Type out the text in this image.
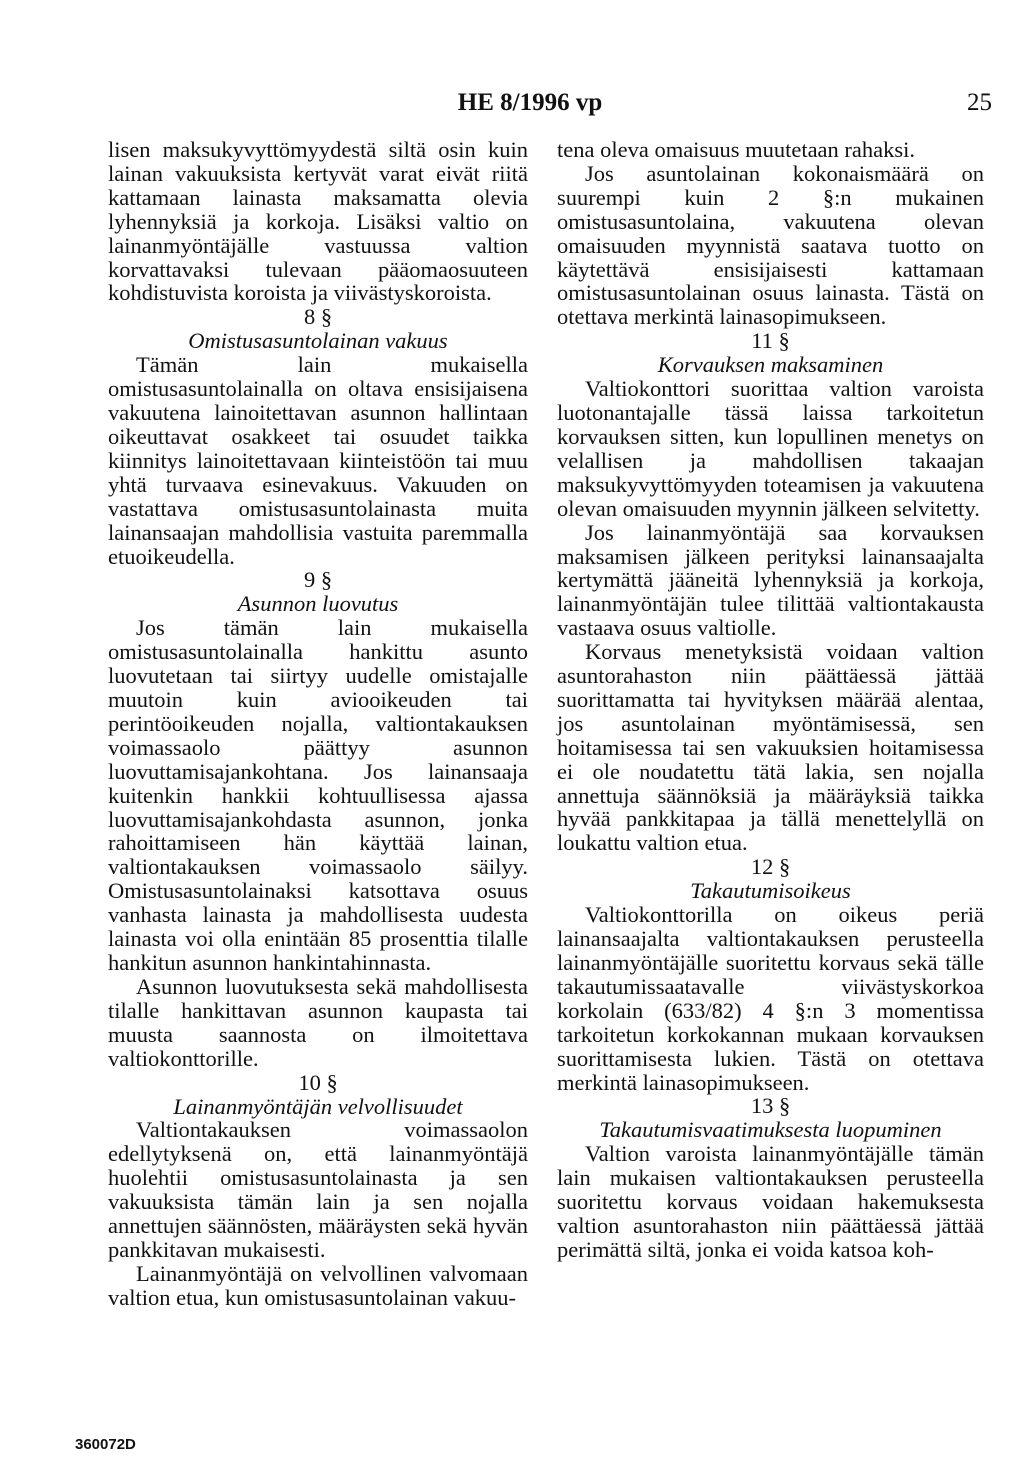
HE 8/1996 vp	25

lisen maksukyvyttömyydestä siltä osin kuin lainan vakuuksista kertyvät varat eivät riitä kattamaan lainasta maksamatta olevia lyhennyksiä ja korkoja. Lisäksi valtio on lainanmyöntäjälle vastuussa valtion korvattavaksi tulevaan pääomaosuuteen kohdistuvista koroista ja viivästyskoroista.

8 §

Omistusasuntolainan vakuus

Tämän lain mukaisella omistusasuntolainalla on oltava ensisijaisena vakuutena lainoitettavan asunnon hallintaan oikeuttavat osakkeet tai osuudet taikka kiinnitys lainoitettavaan kiinteistöön tai muu yhtä turvaava esinevakuus. Vakuuden on vastattava omistusasuntolainasta muita lainansaajan mahdollisia vastuita paremmalla etuoikeudella.

9 §

Asunnon luovutus

Jos tämän lain mukaisella omistusasuntolainalla hankittu asunto luovutetaan tai siirtyy uudelle omistajalle muutoin kuin aviooikeuden tai perintöoikeuden nojalla, valtiontakauksen voimassaolo päättyy asunnon luovuttamisajankohtana. Jos lainansaaja kuitenkin hankkii kohtuullisessa ajassa luovuttamisajankohdasta asunnon, jonka rahoittamiseen hän käyttää lainan, valtiontakauksen voimassaolo säilyy. Omistusasuntolainaksi katsottava osuus vanhasta lainasta ja mahdollisesta uudesta lainasta voi olla enintään 85 prosenttia tilalle hankitun asunnon hankintahinnasta.

Asunnon luovutuksesta sekä mahdollisesta tilalle hankittavan asunnon kaupasta tai muusta saannosta on ilmoitettava valtiokonttorille.

10 §

Lainanmyöntäjän velvollisuudet

Valtiontakauksen voimassaolon edellytyksenä on, että lainanmyöntäjä huolehtii omistusasuntolainasta ja sen vakuuksista tämän lain ja sen nojalla annettujen säännösten, määräysten sekä hyvän pankkitavan mukaisesti.

Lainanmyöntäjä on velvollinen valvomaan valtion etua, kun omistusasuntolainan vakuu-

tena oleva omaisuus muutetaan rahaksi.

Jos asuntolainan kokonaismäärä on suurempi kuin 2 §:n mukainen omistusasuntolaina, vakuutena olevan omaisuuden myynnistä saatava tuotto on käytettävä ensisijaisesti kattamaan omistusasuntolainan osuus lainasta. Tästä on otettava merkintä lainasopimukseen.

11 §

Korvauksen maksaminen

Valtiokonttori suorittaa valtion varoista luotonantajalle tässä laissa tarkoitetun korvauksen sitten, kun lopullinen menetys on velallisen ja mahdollisen takaajan maksukyvyttömyyden toteamisen ja vakuutena olevan omaisuuden myynnin jälkeen selvitetty.

Jos lainanmyöntäjä saa korvauksen maksamisen jälkeen perityksi lainansaajalta kertymättä jääneitä lyhennyksiä ja korkoja, lainanmyöntäjän tulee tilittää valtiontakausta vastaava osuus valtiolle.

Korvaus menetyksistä voidaan valtion asuntorahaston niin päättäessä jättää suorittamatta tai hyvityksen määrää alentaa, jos asuntolainan myöntämisessä, sen hoitamisessa tai sen vakuuksien hoitamisessa ei ole noudatettu tätä lakia, sen nojalla annettuja säännöksiä ja määräyksiä taikka hyvää pankkitapaa ja tällä menettelyllä on loukattu valtion etua.

12 §

Takautumisoikeus

Valtiokonttorilla on oikeus periä lainansaajalta valtiontakauksen perusteella lainanmyöntäjälle suoritettu korvaus sekä tälle takautumissaatavalle viivästyskorkoa korkolain (633/82) 4 §:n 3 momentissa tarkoitetun korkokannan mukaan korvauksen suorittamisesta lukien. Tästä on otettava merkintä lainasopimukseen.

13 §

Takautumisvaatimuksesta luopuminen

Valtion varoista lainanmyöntäjälle tämän lain mukaisen valtiontakauksen perusteella suoritettu korvaus voidaan hakemuksesta valtion asuntorahaston niin päättäessä jättää perimättä siltä, jonka ei voida katsoa koh-

360072D
